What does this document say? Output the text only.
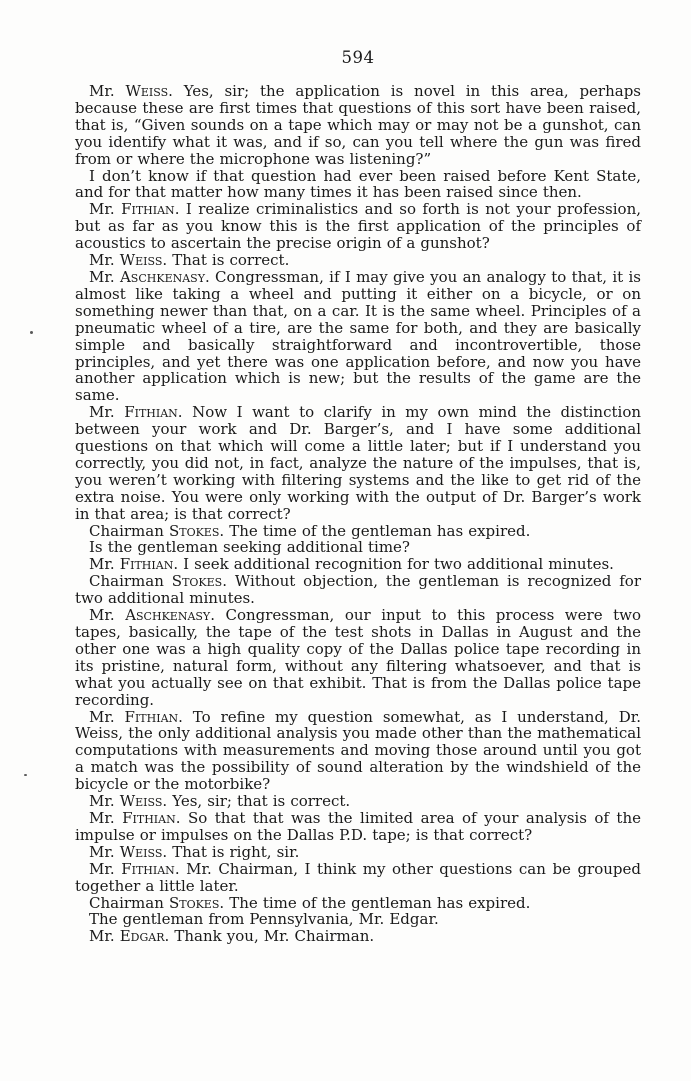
594

Mr. Weiss. Yes, sir; the application is novel in this area, perhaps because these are first times that questions of this sort have been raised, that is, “Given sounds on a tape which may or may not be a gunshot, can you identify what it was, and if so, can you tell where the gun was fired from or where the microphone was listening?”

I don’t know if that question had ever been raised before Kent State, and for that matter how many times it has been raised since then.

Mr. Fithian. I realize criminalistics and so forth is not your profession, but as far as you know this is the first application of the principles of acoustics to ascertain the precise origin of a gunshot?

Mr. Weiss. That is correct.

Mr. Aschkenasy. Congressman, if I may give you an analogy to that, it is almost like taking a wheel and putting it either on a bicycle, or on something newer than that, on a car. It is the same wheel. Principles of a pneumatic wheel of a tire, are the same for both, and they are basically simple and basically straightforward and incontrovertible, those principles, and yet there was one application before, and now you have another application which is new; but the results of the game are the same.

Mr. Fithian. Now I want to clarify in my own mind the distinction between your work and Dr. Barger’s, and I have some additional questions on that which will come a little later; but if I understand you correctly, you did not, in fact, analyze the nature of the impulses, that is, you weren’t working with filtering systems and the like to get rid of the extra noise. You were only working with the output of Dr. Barger’s work in that area; is that correct?

Chairman Stokes. The time of the gentleman has expired.

Is the gentleman seeking additional time?

Mr. Fithian. I seek additional recognition for two additional minutes.

Chairman Stokes. Without objection, the gentleman is recognized for two additional minutes.

Mr. Aschkenasy. Congressman, our input to this process were two tapes, basically, the tape of the test shots in Dallas in August and the other one was a high quality copy of the Dallas police tape recording in its pristine, natural form, without any filtering whatsoever, and that is what you actually see on that exhibit. That is from the Dallas police tape recording.

Mr. Fithian. To refine my question somewhat, as I understand, Dr. Weiss, the only additional analysis you made other than the mathematical computations with measurements and moving those around until you got a match was the possibility of sound alteration by the windshield of the bicycle or the motorbike?

Mr. Weiss. Yes, sir; that is correct.

Mr. Fithian. So that that was the limited area of your analysis of the impulse or impulses on the Dallas P.D. tape; is that correct?

Mr. Weiss. That is right, sir.

Mr. Fithian. Mr. Chairman, I think my other questions can be grouped together a little later.

Chairman Stokes. The time of the gentleman has expired.

The gentleman from Pennsylvania, Mr. Edgar.

Mr. Edgar. Thank you, Mr. Chairman.
